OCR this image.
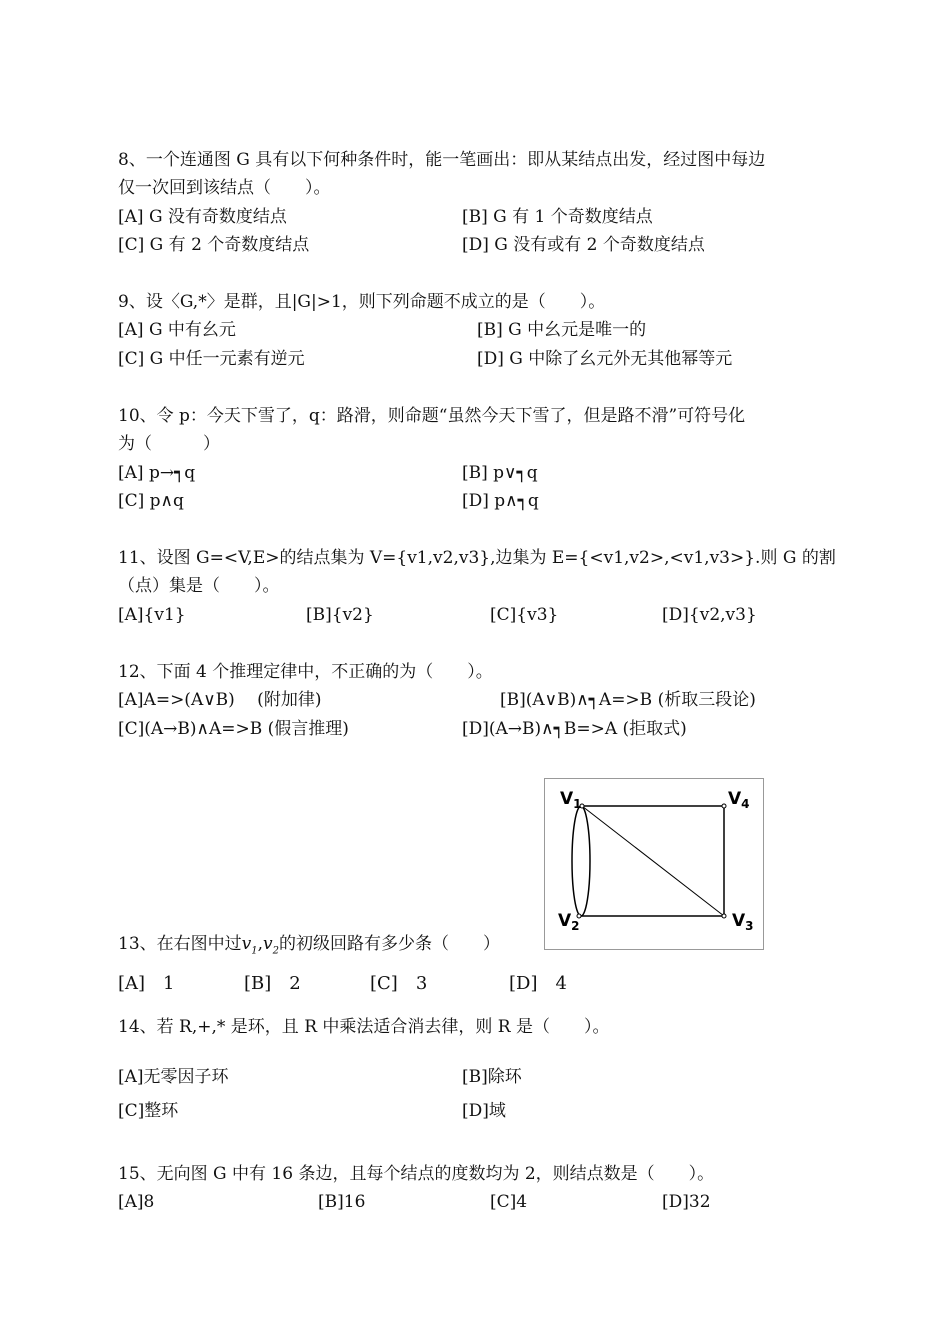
8、一个连通图 G 具有以下何种条件时，能一笔画出：即从某结点出发，经过图中每边
仅一次回到该结点（　　）。
[A] G 没有奇数度结点	[B] G 有 1 个奇数度结点
[C] G 有 2 个奇数度结点	[D] G 没有或有 2 个奇数度结点
9、设〈G,*〉是群，且|G|>1，则下列命题不成立的是（　　）。
[A] G 中有幺元	[B] G 中幺元是唯一的
[C] G 中任一元素有逆元	[D] G 中除了幺元外无其他幂等元
10、令 p：今天下雪了，q：路滑，则命题“虽然今天下雪了，但是路不滑”可符号化
为（　　　）
[A] p→┑q	[B] p∨┑q
[C] p∧q	[D] p∧┑q
11、设图 G=<V,E>的结点集为 V={v1,v2,v3},边集为 E={<v1,v2>,<v1,v3>}.则 G 的割
（点）集是（　　）。
[A]{v1}	[B]{v2}	[C]{v3}	[D]{v2,v3}
12、下面 4 个推理定律中，不正确的为（　　）。
[A]A=>(A∨B)　 (附加律)	[B](A∨B)∧┑A=>B (析取三段论)
[C](A→B)∧A=>B (假言推理)	[D](A→B)∧┑B=>A (拒取式)
$V_1$	$V_4$
$V_2$	$V_3$
13、在右图中过$v_1,v_2$的初级回路有多少条（　　）
[A]　1	[B]　2	[C]　3	[D]　4
14、若 R,+,* 是环，且 R 中乘法适合消去律，则 R 是（　　）。
[A]无零因子环	[B]除环
[C]整环	[D]域
15、无向图 G 中有 16 条边，且每个结点的度数均为 2，则结点数是（　　）。
[A]8	[B]16	[C]4	[D]32
